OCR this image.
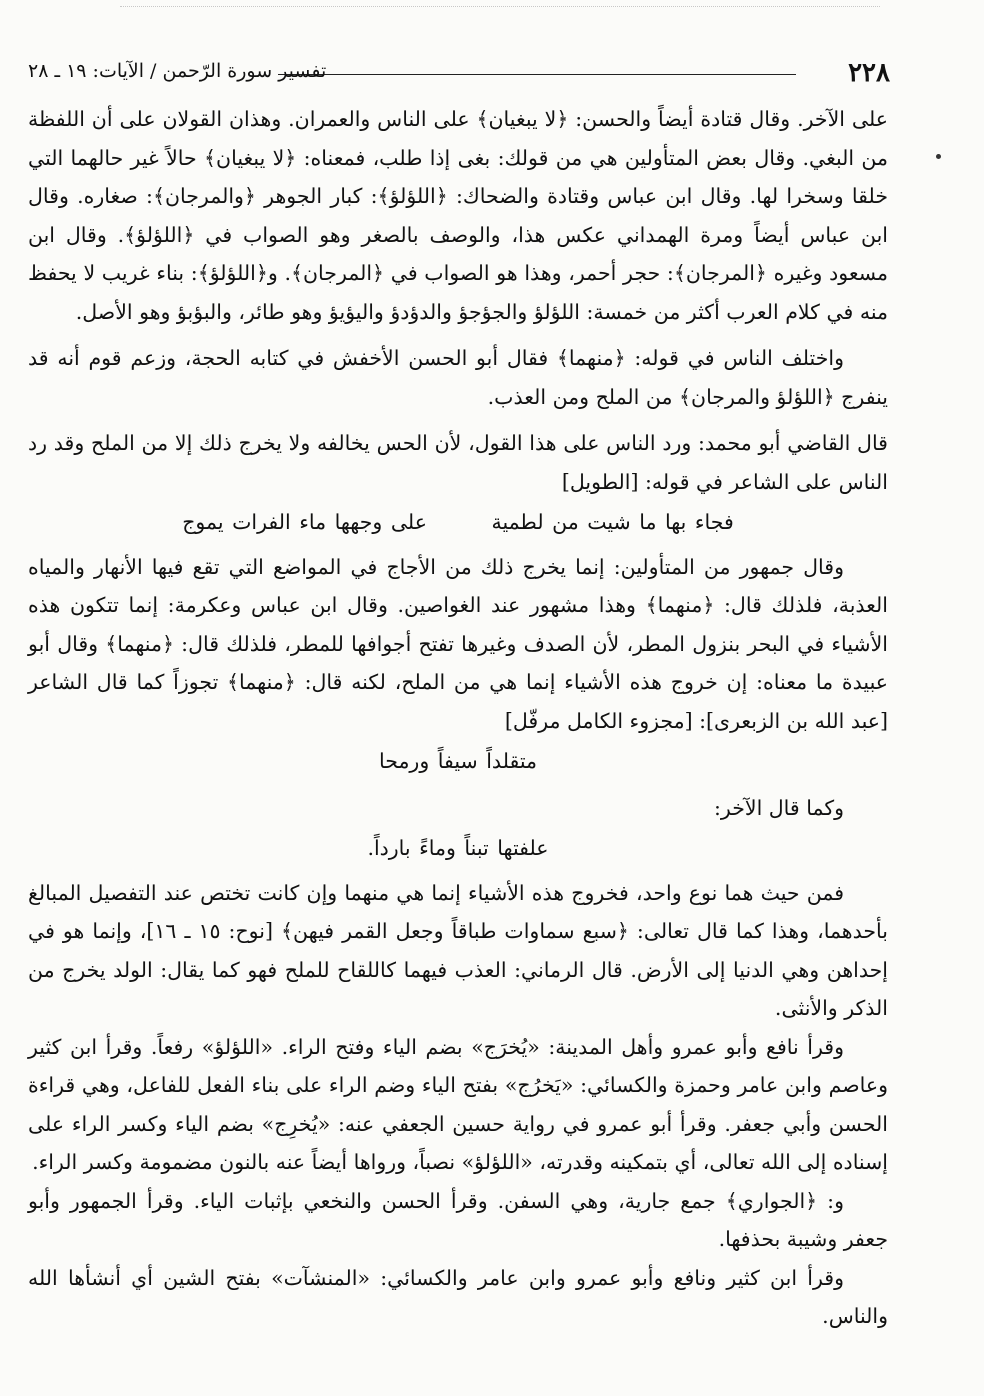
٢٢٨
تفسير سورة الرّحمن / الآيات: ١٩ ـ ٢٨

على الآخر. وقال قتادة أيضاً والحسن: ﴿لا يبغيان﴾ على الناس والعمران. وهذان القولان على أن اللفظة من البغي. وقال بعض المتأولين هي من قولك: بغى إذا طلب، فمعناه: ﴿لا يبغيان﴾ حالاً غير حالهما التي خلقا وسخرا لها. وقال ابن عباس وقتادة والضحاك: ﴿اللؤلؤ﴾: كبار الجوهر ﴿والمرجان﴾: صغاره. وقال ابن عباس أيضاً ومرة الهمداني عكس هذا، والوصف بالصغر وهو الصواب في ﴿اللؤلؤ﴾. وقال ابن مسعود وغيره ﴿المرجان﴾: حجر أحمر، وهذا هو الصواب في ﴿المرجان﴾. و﴿اللؤلؤ﴾: بناء غريب لا يحفظ منه في كلام العرب أكثر من خمسة: اللؤلؤ والجؤجؤ والدؤدؤ واليؤيؤ وهو طائر، والبؤبؤ وهو الأصل.

واختلف الناس في قوله: ﴿منهما﴾ فقال أبو الحسن الأخفش في كتابه الحجة، وزعم قوم أنه قد ينفرج ﴿اللؤلؤ والمرجان﴾ من الملح ومن العذب.

قال القاضي أبو محمد: ورد الناس على هذا القول، لأن الحس يخالفه ولا يخرج ذلك إلا من الملح وقد رد الناس على الشاعر في قوله: [الطويل]

فجاء بها ما شيت من لطمية على وجهها ماء الفرات يموج

وقال جمهور من المتأولين: إنما يخرج ذلك من الأجاج في المواضع التي تقع فيها الأنهار والمياه العذبة، فلذلك قال: ﴿منهما﴾ وهذا مشهور عند الغواصين. وقال ابن عباس وعكرمة: إنما تتكون هذه الأشياء في البحر بنزول المطر، لأن الصدف وغيرها تفتح أجوافها للمطر، فلذلك قال: ﴿منهما﴾ وقال أبو عبيدة ما معناه: إن خروج هذه الأشياء إنما هي من الملح، لكنه قال: ﴿منهما﴾ تجوزاً كما قال الشاعر [عبد الله بن الزبعرى]: [مجزوء الكامل مرفّل]

متقلداً سيفاً ورمحا

وكما قال الآخر:

علفتها تبناً وماءً بارداً.

فمن حيث هما نوع واحد، فخروج هذه الأشياء إنما هي منهما وإن كانت تختص عند التفصيل المبالغ بأحدهما، وهذا كما قال تعالى: ﴿سبع سماوات طباقاً وجعل القمر فيهن﴾ [نوح: ١٥ ـ ١٦]، وإنما هو في إحداهن وهي الدنيا إلى الأرض. قال الرماني: العذب فيهما كاللقاح للملح فهو كما يقال: الولد يخرج من الذكر والأنثى.

وقرأ نافع وأبو عمرو وأهل المدينة: «يُخرَج» بضم الياء وفتح الراء. «اللؤلؤ» رفعاً. وقرأ ابن كثير وعاصم وابن عامر وحمزة والكسائي: «يَخرُج» بفتح الياء وضم الراء على بناء الفعل للفاعل، وهي قراءة الحسن وأبي جعفر. وقرأ أبو عمرو في رواية حسين الجعفي عنه: «يُخرِج» بضم الياء وكسر الراء على إسناده إلى الله تعالى، أي بتمكينه وقدرته، «اللؤلؤ» نصباً، ورواها أيضاً عنه بالنون مضمومة وكسر الراء.

و: ﴿الجواري﴾ جمع جارية، وهي السفن. وقرأ الحسن والنخعي بإثبات الياء. وقرأ الجمهور وأبو جعفر وشيبة بحذفها.

وقرأ ابن كثير ونافع وأبو عمرو وابن عامر والكسائي: «المنشآت» بفتح الشين أي أنشأها الله والناس.
